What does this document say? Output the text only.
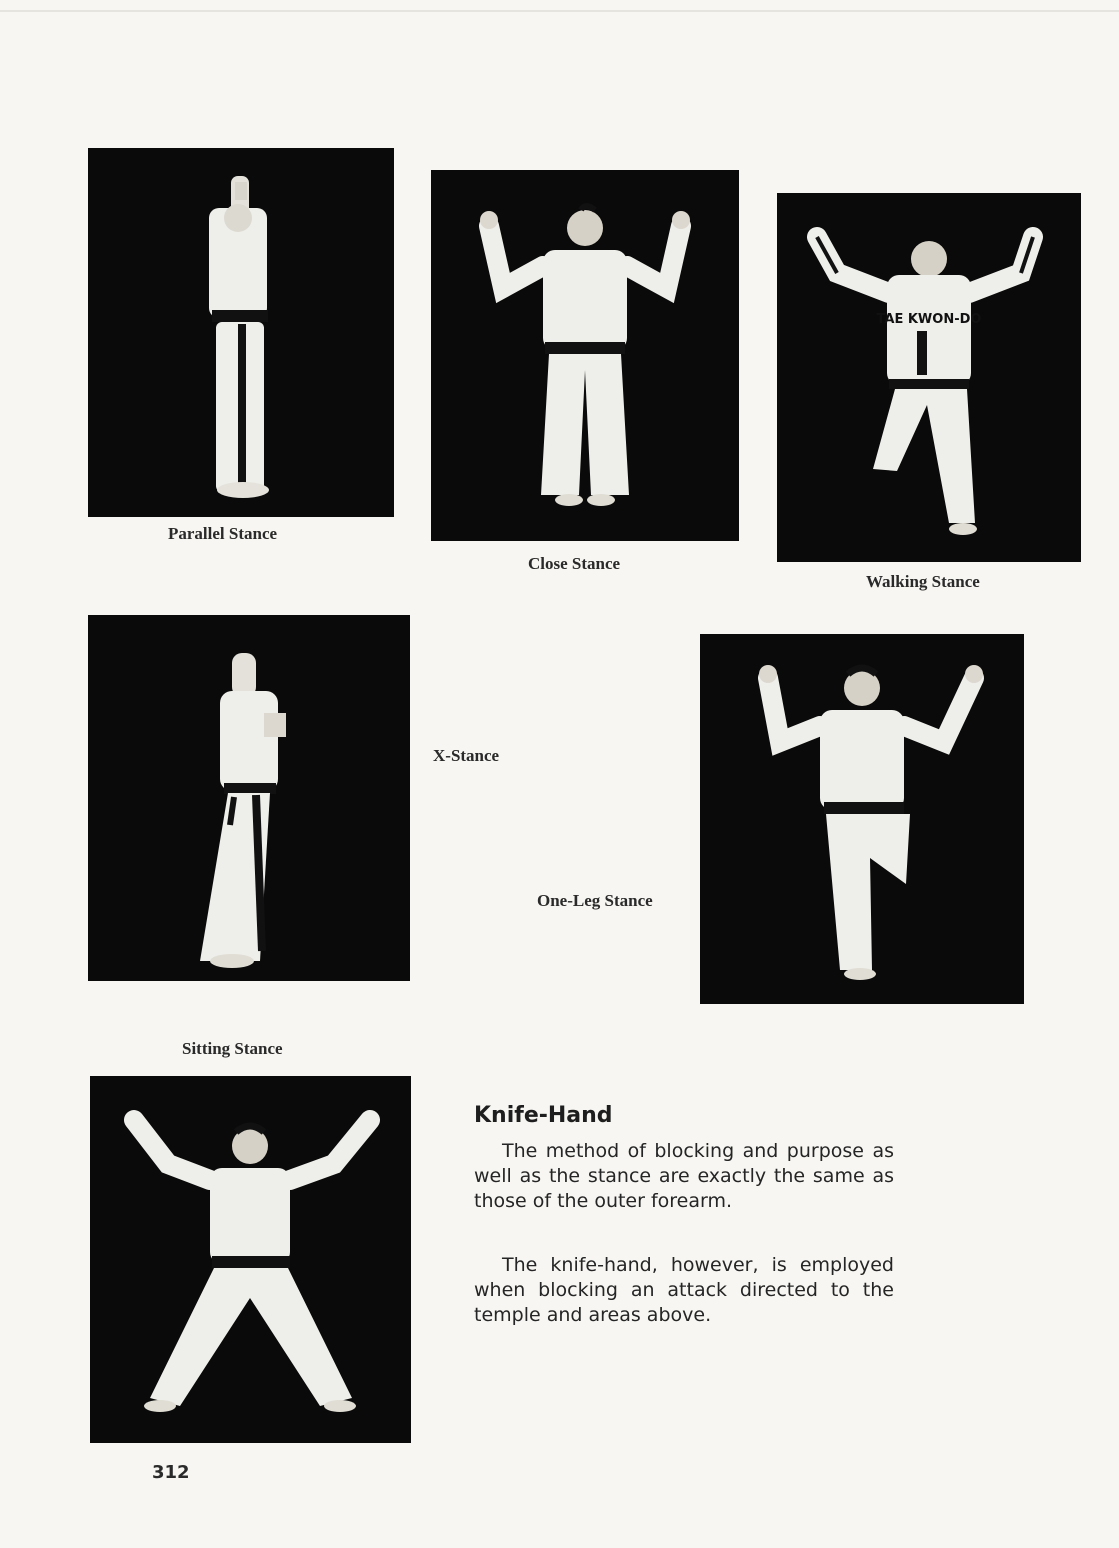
Parallel Stance
Close Stance
TAE KWON-DO
Walking Stance
X-Stance
One-Leg Stance
Sitting Stance
Knife-Hand

The method of blocking and purpose as well as the stance are exactly the same as those of the outer forearm.

The knife-hand, however, is employed when blocking an attack directed to the temple and areas above.

312
